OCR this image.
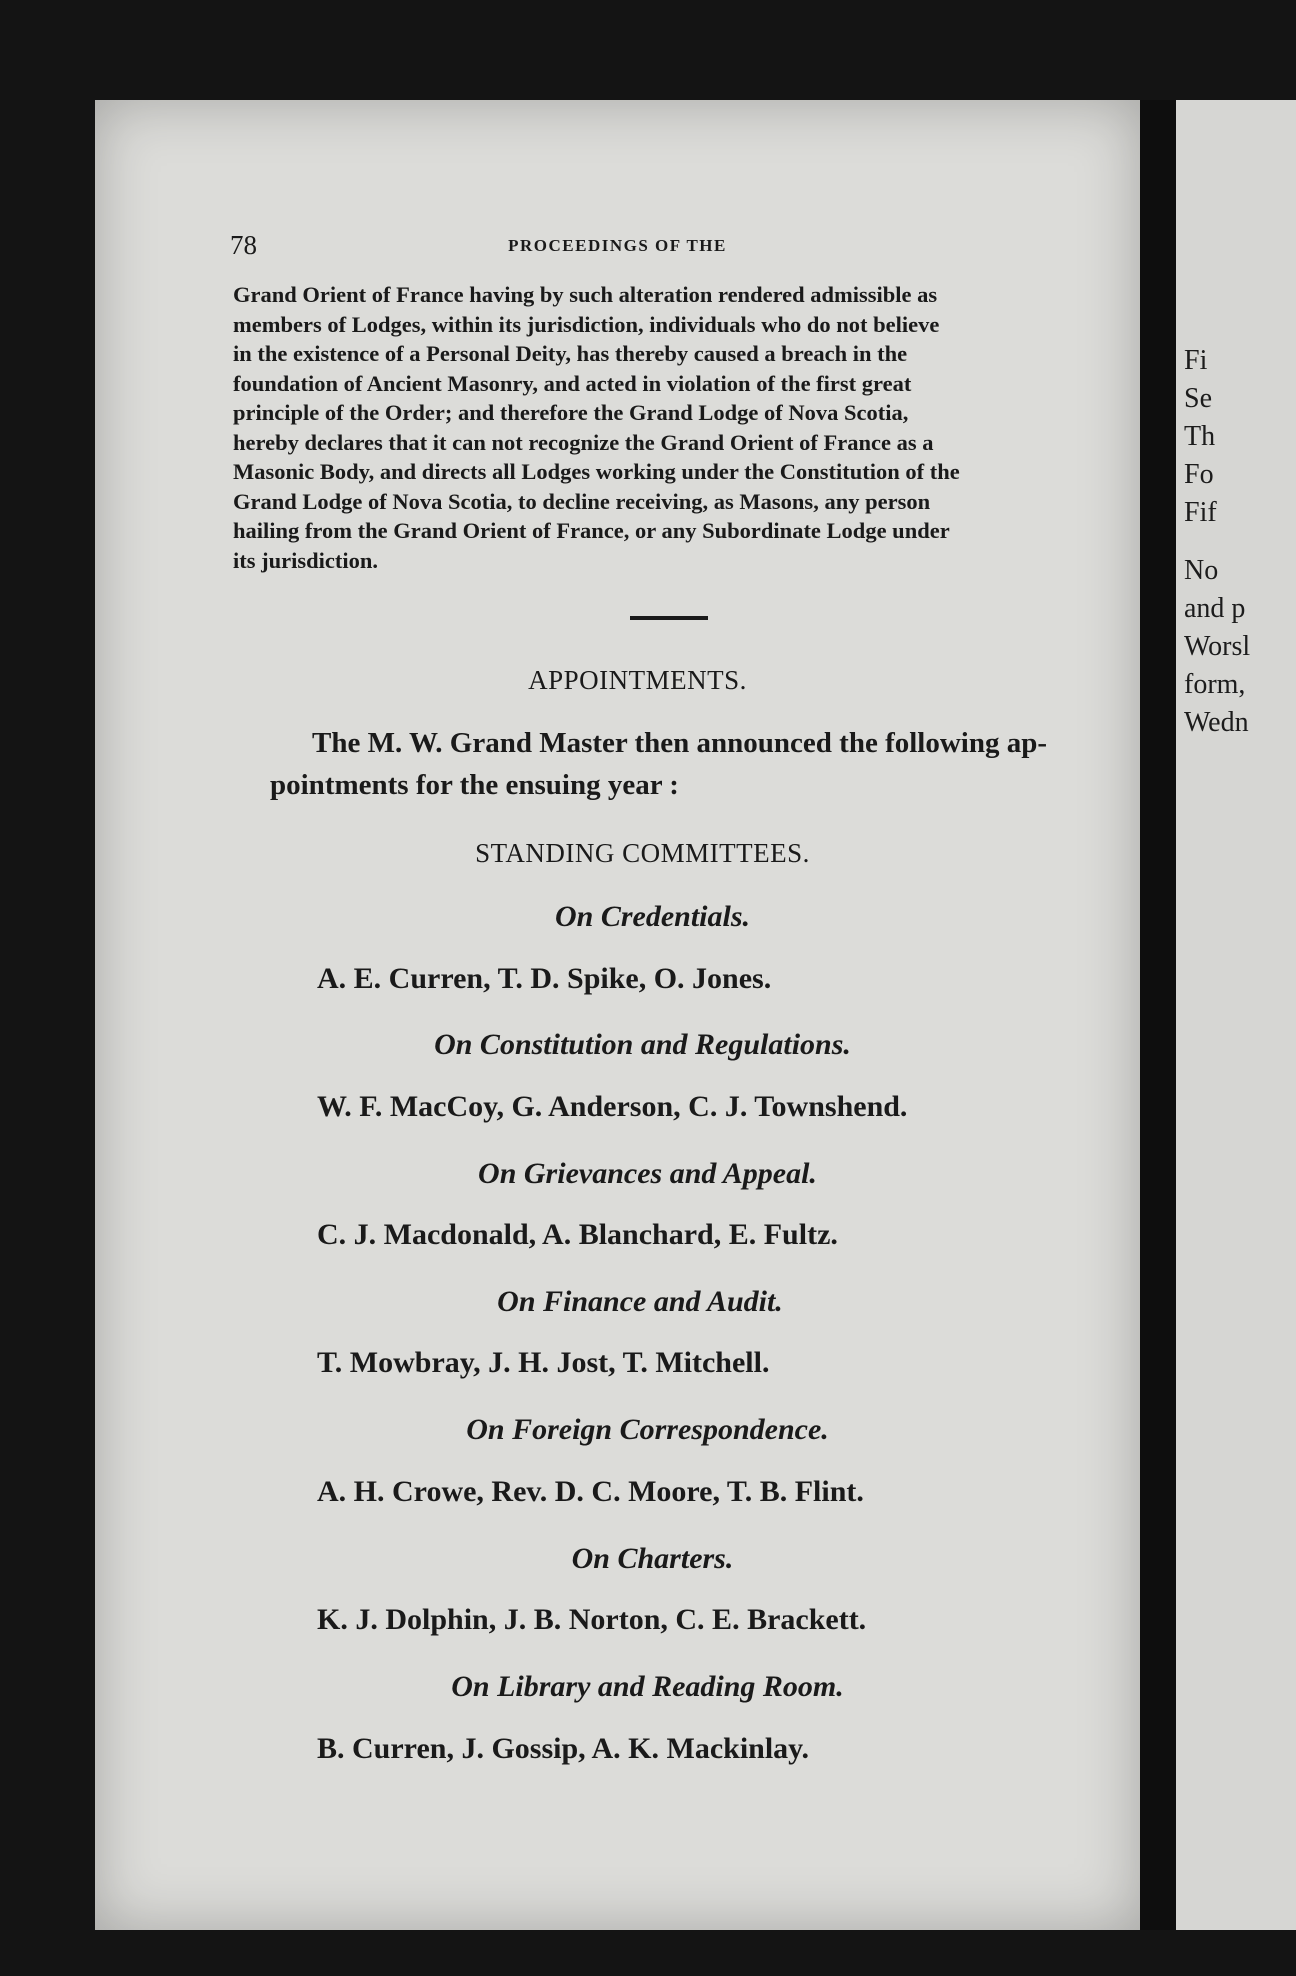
78	PROCEEDINGS OF THE
Grand Orient of France having by such alteration rendered admissible as
members of Lodges, within its jurisdiction, individuals who do not believe
in the existence of a Personal Deity, has thereby caused a breach in the
foundation of Ancient Masonry, and acted in violation of the first great
principle of the Order; and therefore the Grand Lodge of Nova Scotia,
hereby declares that it can not recognize the Grand Orient of France as a
Masonic Body, and directs all Lodges working under the Constitution of the
Grand Lodge of Nova Scotia, to decline receiving, as Masons, any person
hailing from the Grand Orient of France, or any Subordinate Lodge under
its jurisdiction.
APPOINTMENTS.
The M. W. Grand Master then announced the following ap-
pointments for the ensuing year :
STANDING COMMITTEES.
On Credentials.
A. E. Curren, T. D. Spike, O. Jones.
On Constitution and Regulations.
W. F. MacCoy, G. Anderson, C. J. Townshend.
On Grievances and Appeal.
C. J. Macdonald, A. Blanchard, E. Fultz.
On Finance and Audit.
T. Mowbray, J. H. Jost, T. Mitchell.
On Foreign Correspondence.
A. H. Crowe, Rev. D. C. Moore, T. B. Flint.
On Charters.
K. J. Dolphin, J. B. Norton, C. E. Brackett.
On Library and Reading Room.
B. Curren, J. Gossip, A. K. Mackinlay.
Fi
Se
Th
Fo
Fif
No
and p
Worsl
form,
Wedn
